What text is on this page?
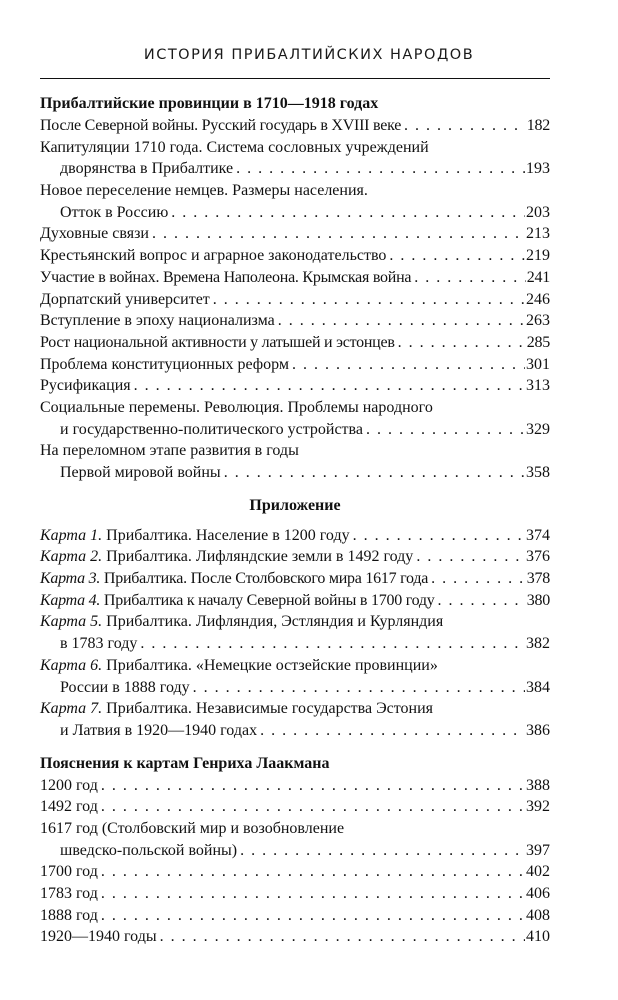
ИСТОРИЯ ПРИБАЛТИЙСКИХ НАРОДОВ
Прибалтийские провинции в 1710—1918 годах
После Северной войны. Русский государь в XVIII веке . . .	182
Капитуляции 1710 года. Система сословных учреждений
дворянства в Прибалтике . . .	193
Новое переселение немцев. Размеры населения.
Отток в Россию . . .	203
Духовные связи . . .	213
Крестьянский вопрос и аграрное законодательство . . .	219
Участие в войнах. Времена Наполеона. Крымская война . . .	241
Дорпатский университет . . .	246
Вступление в эпоху национализма . . .	263
Рост национальной активности у латышей и эстонцев . . .	285
Проблема конституционных реформ . . .	301
Русификация . . .	313
Социальные перемены. Революция. Проблемы народного
и государственно-политического устройства . . .	329
На переломном этапе развития в годы
Первой мировой войны . . .	358
Приложение
Карта 1. Прибалтика. Население в 1200 году . . .	374
Карта 2. Прибалтика. Лифляндские земли в 1492 году . . .	376
Карта 3. Прибалтика. После Столбовского мира 1617 года . . .	378
Карта 4. Прибалтика к началу Северной войны в 1700 году . . .	380
Карта 5. Прибалтика. Лифляндия, Эстляндия и Курляндия
в 1783 году . . .	382
Карта 6. Прибалтика. «Немецкие остзейские провинции»
России в 1888 году . . .	384
Карта 7. Прибалтика. Независимые государства Эстония
и Латвия в 1920—1940 годах . . .	386
Пояснения к картам Генриха Лаакмана
1200 год . . .	388
1492 год . . .	392
1617 год (Столбовский мир и возобновление
шведско-польской войны) . . .	397
1700 год . . .	402
1783 год . . .	406
1888 год . . .	408
1920—1940 годы . . .	410
